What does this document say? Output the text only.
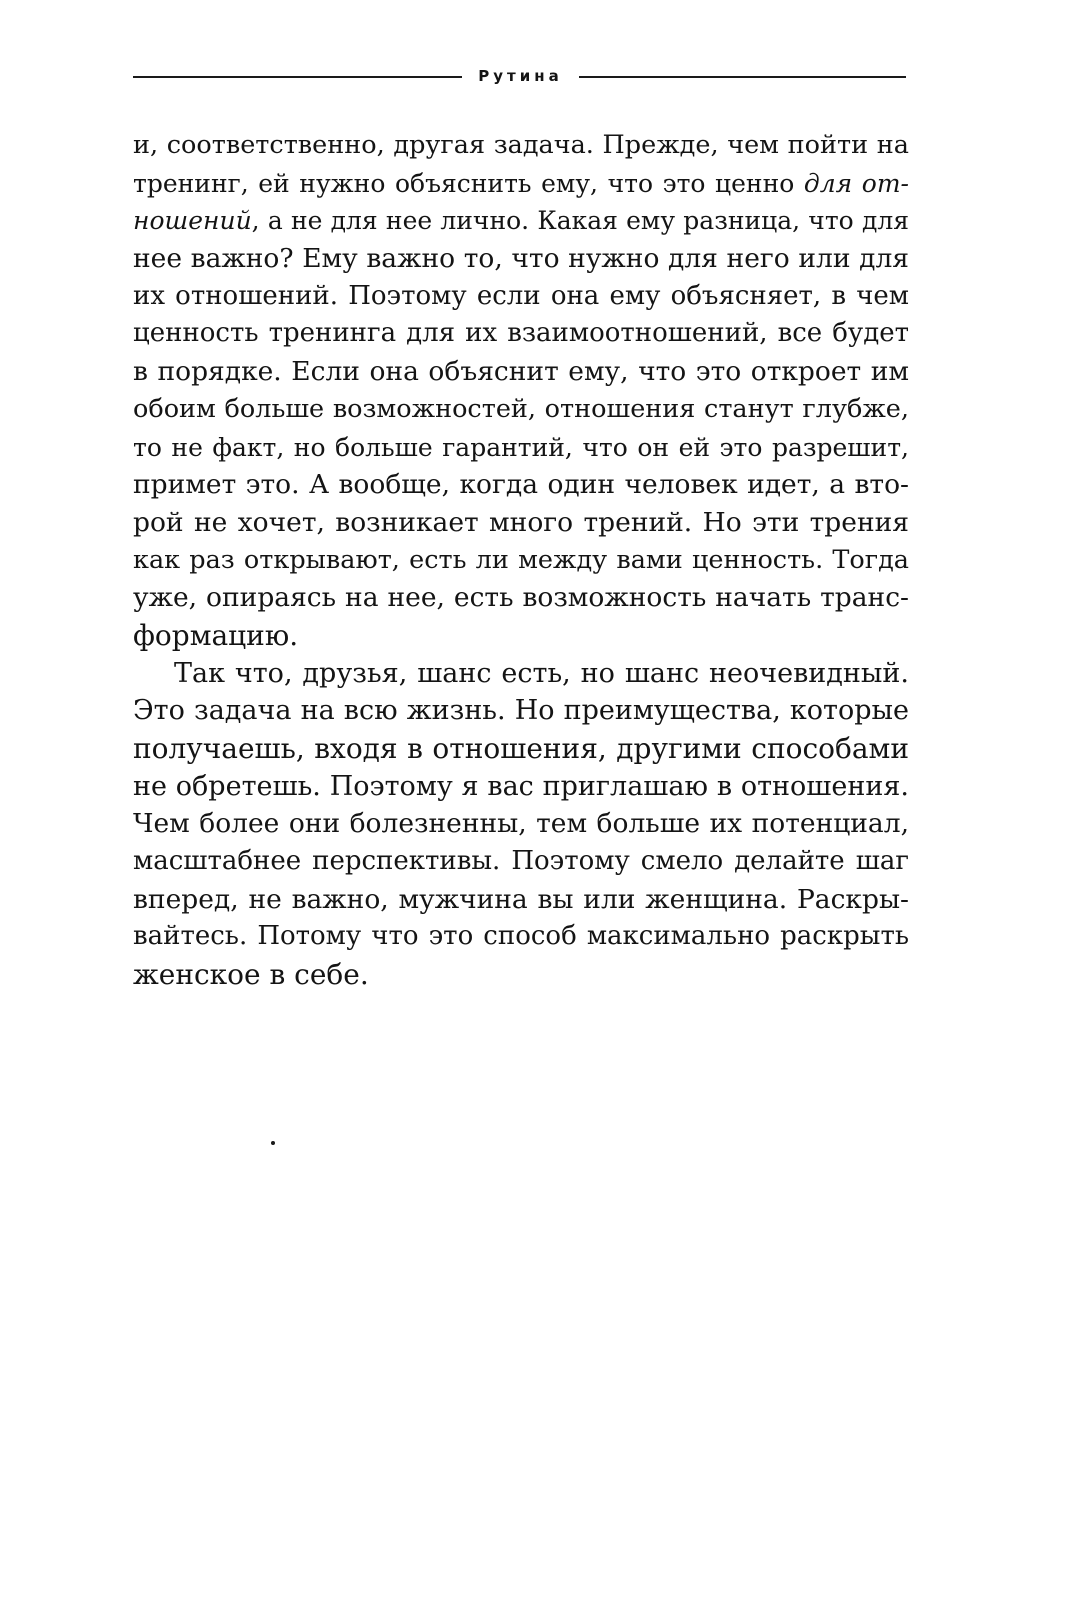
Рутина
и, соответственно, другая задача. Прежде, чем пойти на
тренинг, ей нужно объяснить ему, что это ценно для от-
ношений, а не для нее лично. Какая ему разница, что для
нее важно? Ему важно то, что нужно для него или для
их отношений. Поэтому если она ему объясняет, в чем
ценность тренинга для их взаимоотношений, все будет
в порядке. Если она объяснит ему, что это откроет им
обоим больше возможностей, отношения станут глубже,
то не факт, но больше гарантий, что он ей это разрешит,
примет это. А вообще, когда один человек идет, а вто-
рой не хочет, возникает много трений. Но эти трения
как раз открывают, есть ли между вами ценность. Тогда
уже, опираясь на нее, есть возможность начать транс-
формацию.
Так что, друзья, шанс есть, но шанс неочевидный.
Это задача на всю жизнь. Но преимущества, которые
получаешь, входя в отношения, другими способами
не обретешь. Поэтому я вас приглашаю в отношения.
Чем более они болезненны, тем больше их потенциал,
масштабнее перспективы. Поэтому смело делайте шаг
вперед, не важно, мужчина вы или женщина. Раскры-
вайтесь. Потому что это способ максимально раскрыть
женское в себе.
